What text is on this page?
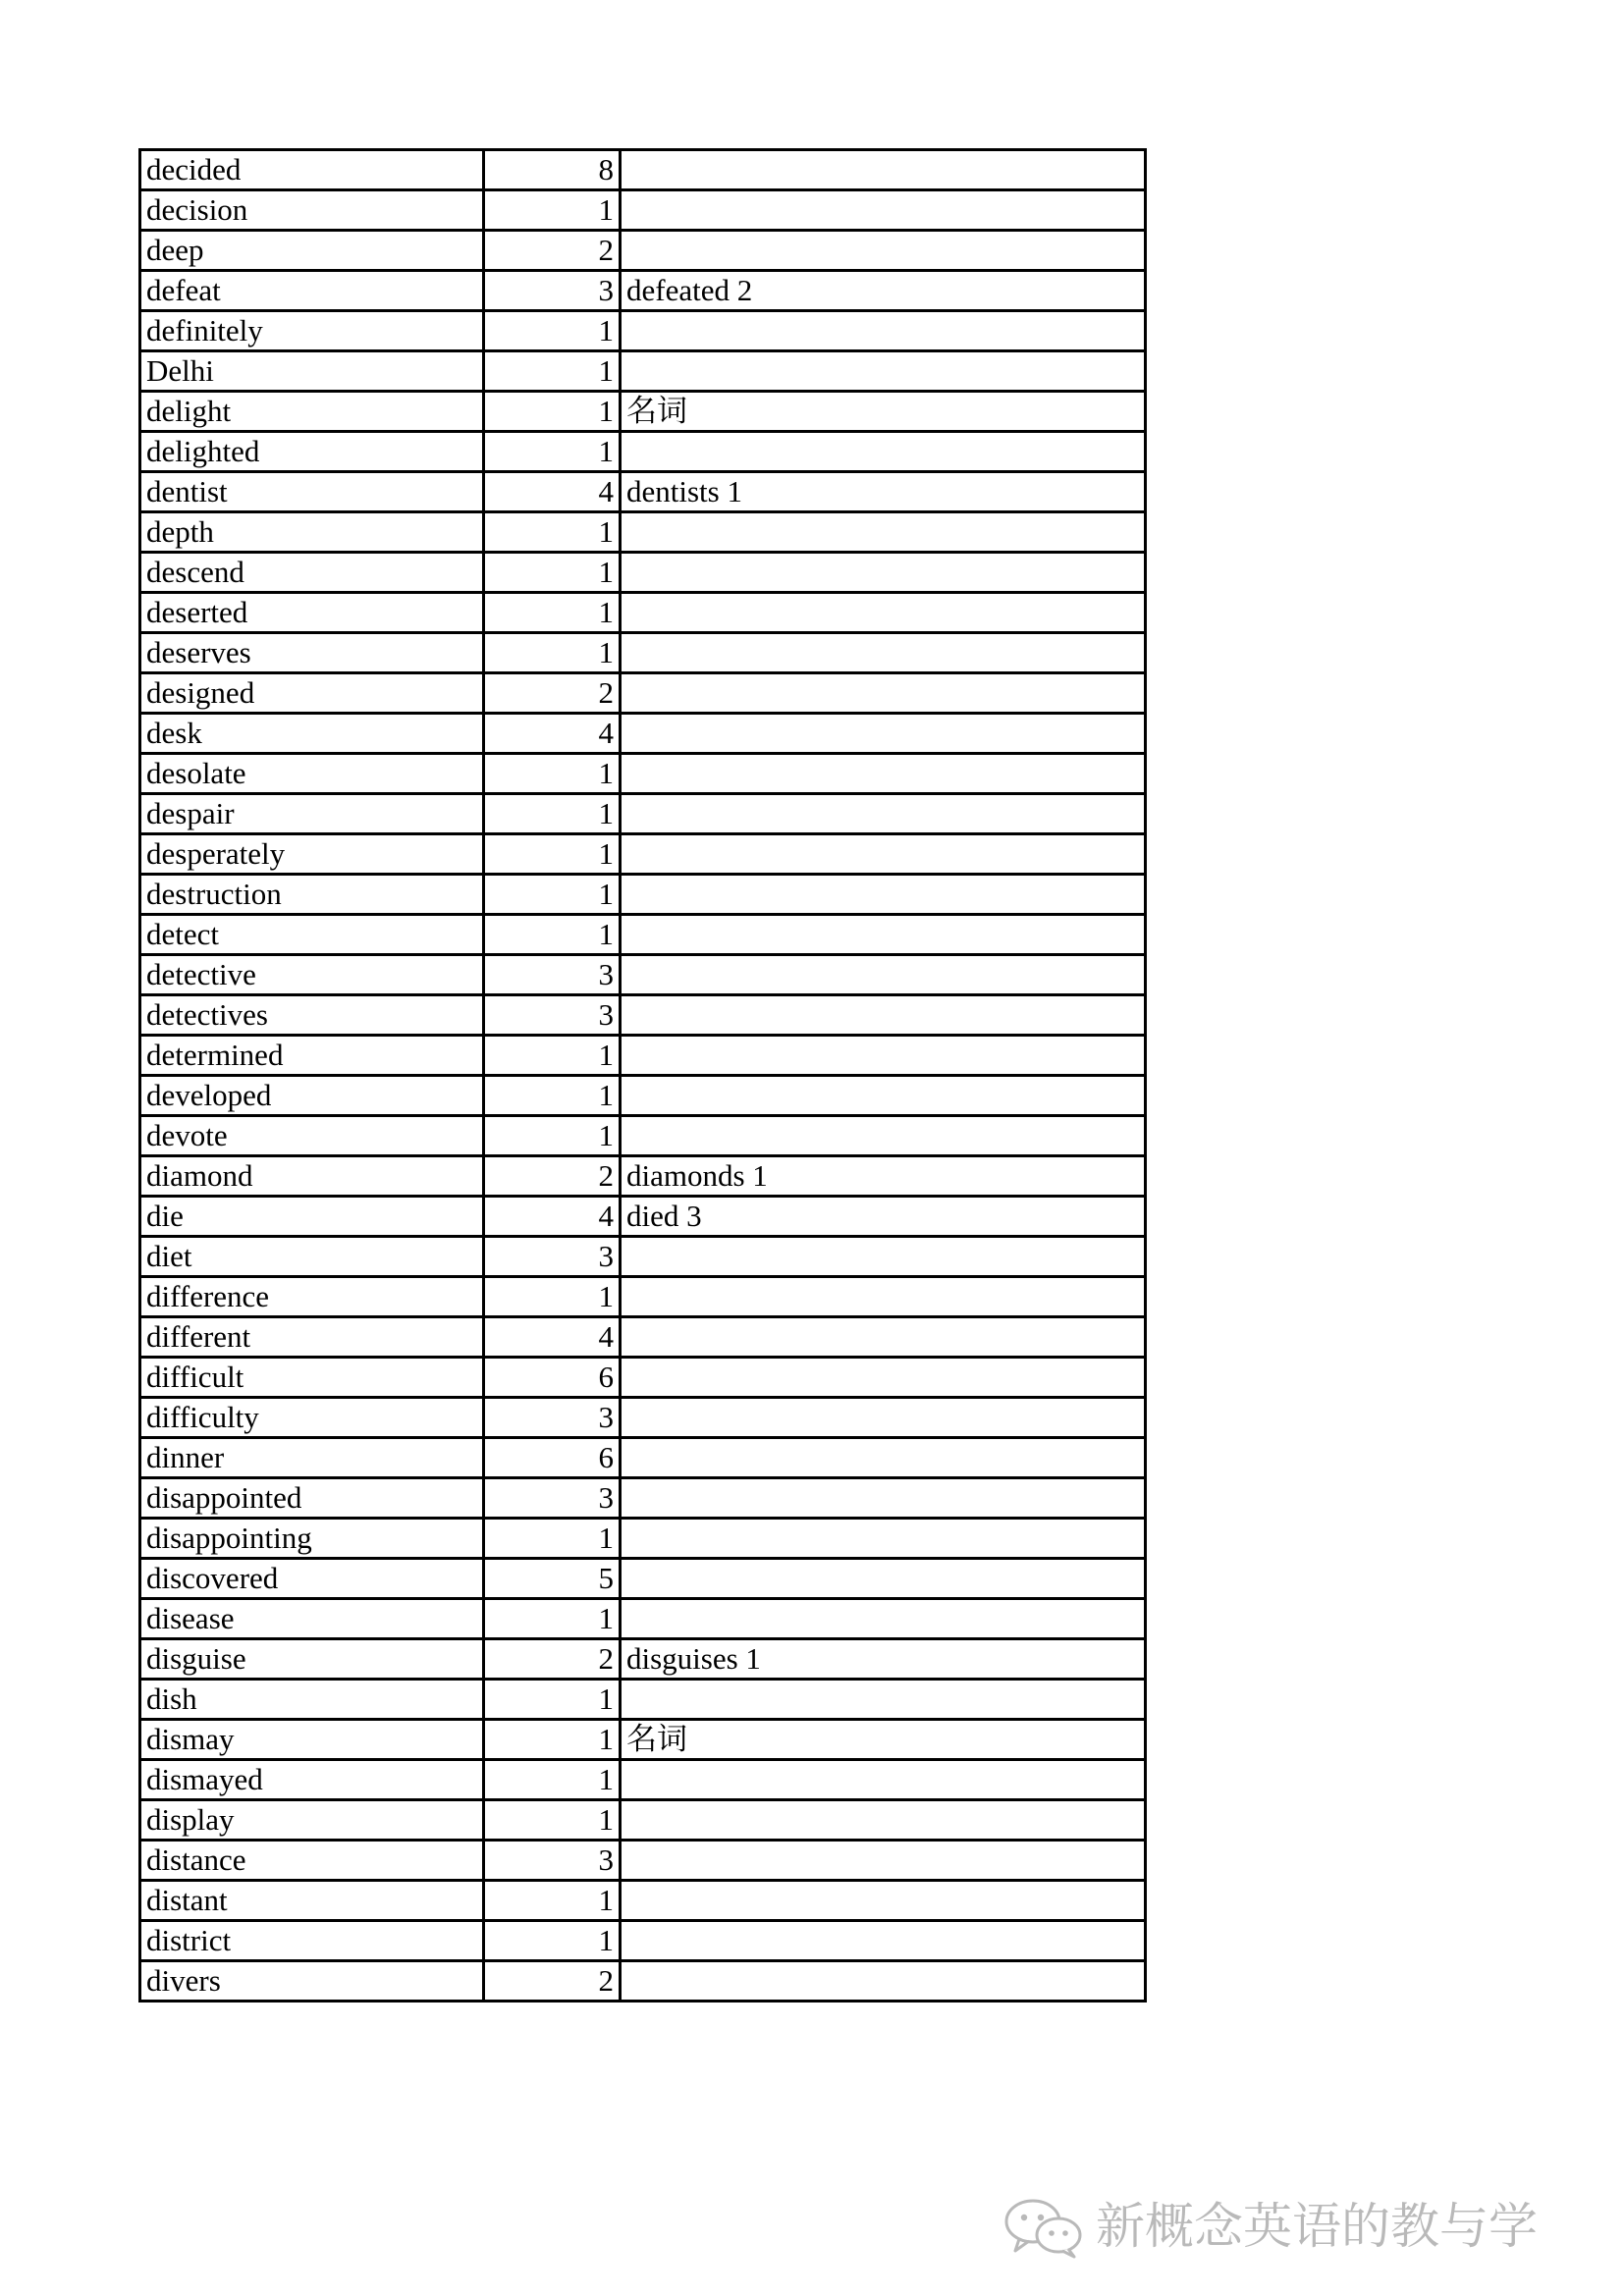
decided	8	
decision	1	
deep	2	
defeat	3	defeated 2
definitely	1	
Delhi	1	
delight	1	名词
delighted	1	
dentist	4	dentists 1
depth	1	
descend	1	
deserted	1	
deserves	1	
designed	2	
desk	4	
desolate	1	
despair	1	
desperately	1	
destruction	1	
detect	1	
detective	3	
detectives	3	
determined	1	
developed	1	
devote	1	
diamond	2	diamonds 1
die	4	died 3
diet	3	
difference	1	
different	4	
difficult	6	
difficulty	3	
dinner	6	
disappointed	3	
disappointing	1	
discovered	5	
disease	1	
disguise	2	disguises 1
dish	1	
dismay	1	名词
dismayed	1	
display	1	
distance	3	
distant	1	
district	1	
divers	2	
新概念英语的教与学
